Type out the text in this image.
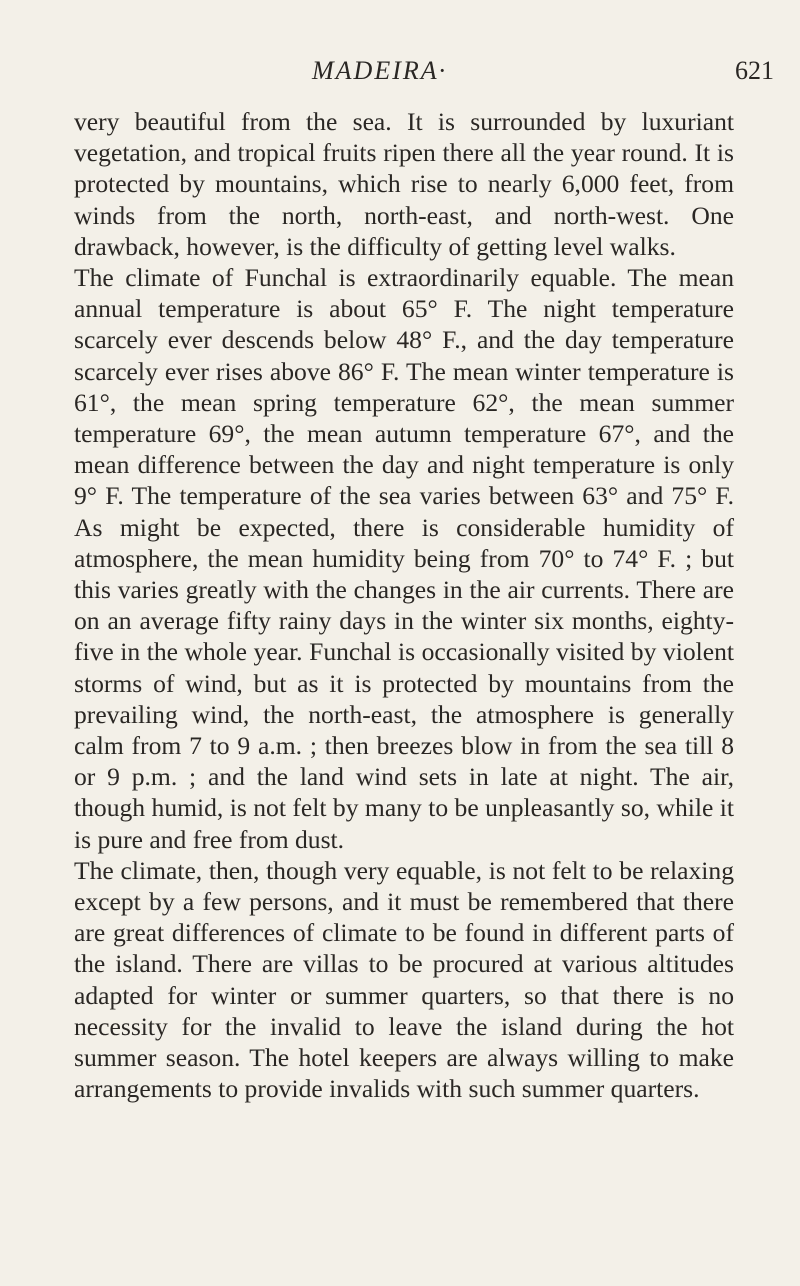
MADEIRA·	621

very beautiful from the sea. It is surrounded by luxuriant vegetation, and tropical fruits ripen there all the year round. It is protected by mountains, which rise to nearly 6,000 feet, from winds from the north, north-east, and north-west. One drawback, however, is the difficulty of getting level walks.

The climate of Funchal is extraordinarily equable. The mean annual temperature is about 65° F. The night temperature scarcely ever descends below 48° F., and the day temperature scarcely ever rises above 86° F. The mean winter temperature is 61°, the mean spring temperature 62°, the mean summer temperature 69°, the mean autumn temperature 67°, and the mean difference between the day and night temperature is only 9° F. The temperature of the sea varies between 63° and 75° F. As might be expected, there is considerable humidity of atmosphere, the mean humidity being from 70° to 74° F. ; but this varies greatly with the changes in the air currents. There are on an average fifty rainy days in the winter six months, eighty-five in the whole year. Funchal is occasionally visited by violent storms of wind, but as it is protected by mountains from the prevailing wind, the north-east, the atmosphere is generally calm from 7 to 9 a.m. ; then breezes blow in from the sea till 8 or 9 p.m. ; and the land wind sets in late at night. The air, though humid, is not felt by many to be unpleasantly so, while it is pure and free from dust.

The climate, then, though very equable, is not felt to be relaxing except by a few persons, and it must be remembered that there are great differences of climate to be found in different parts of the island. There are villas to be procured at various altitudes adapted for winter or summer quarters, so that there is no necessity for the invalid to leave the island during the hot summer season. The hotel keepers are always willing to make arrangements to provide invalids with such summer quarters.
